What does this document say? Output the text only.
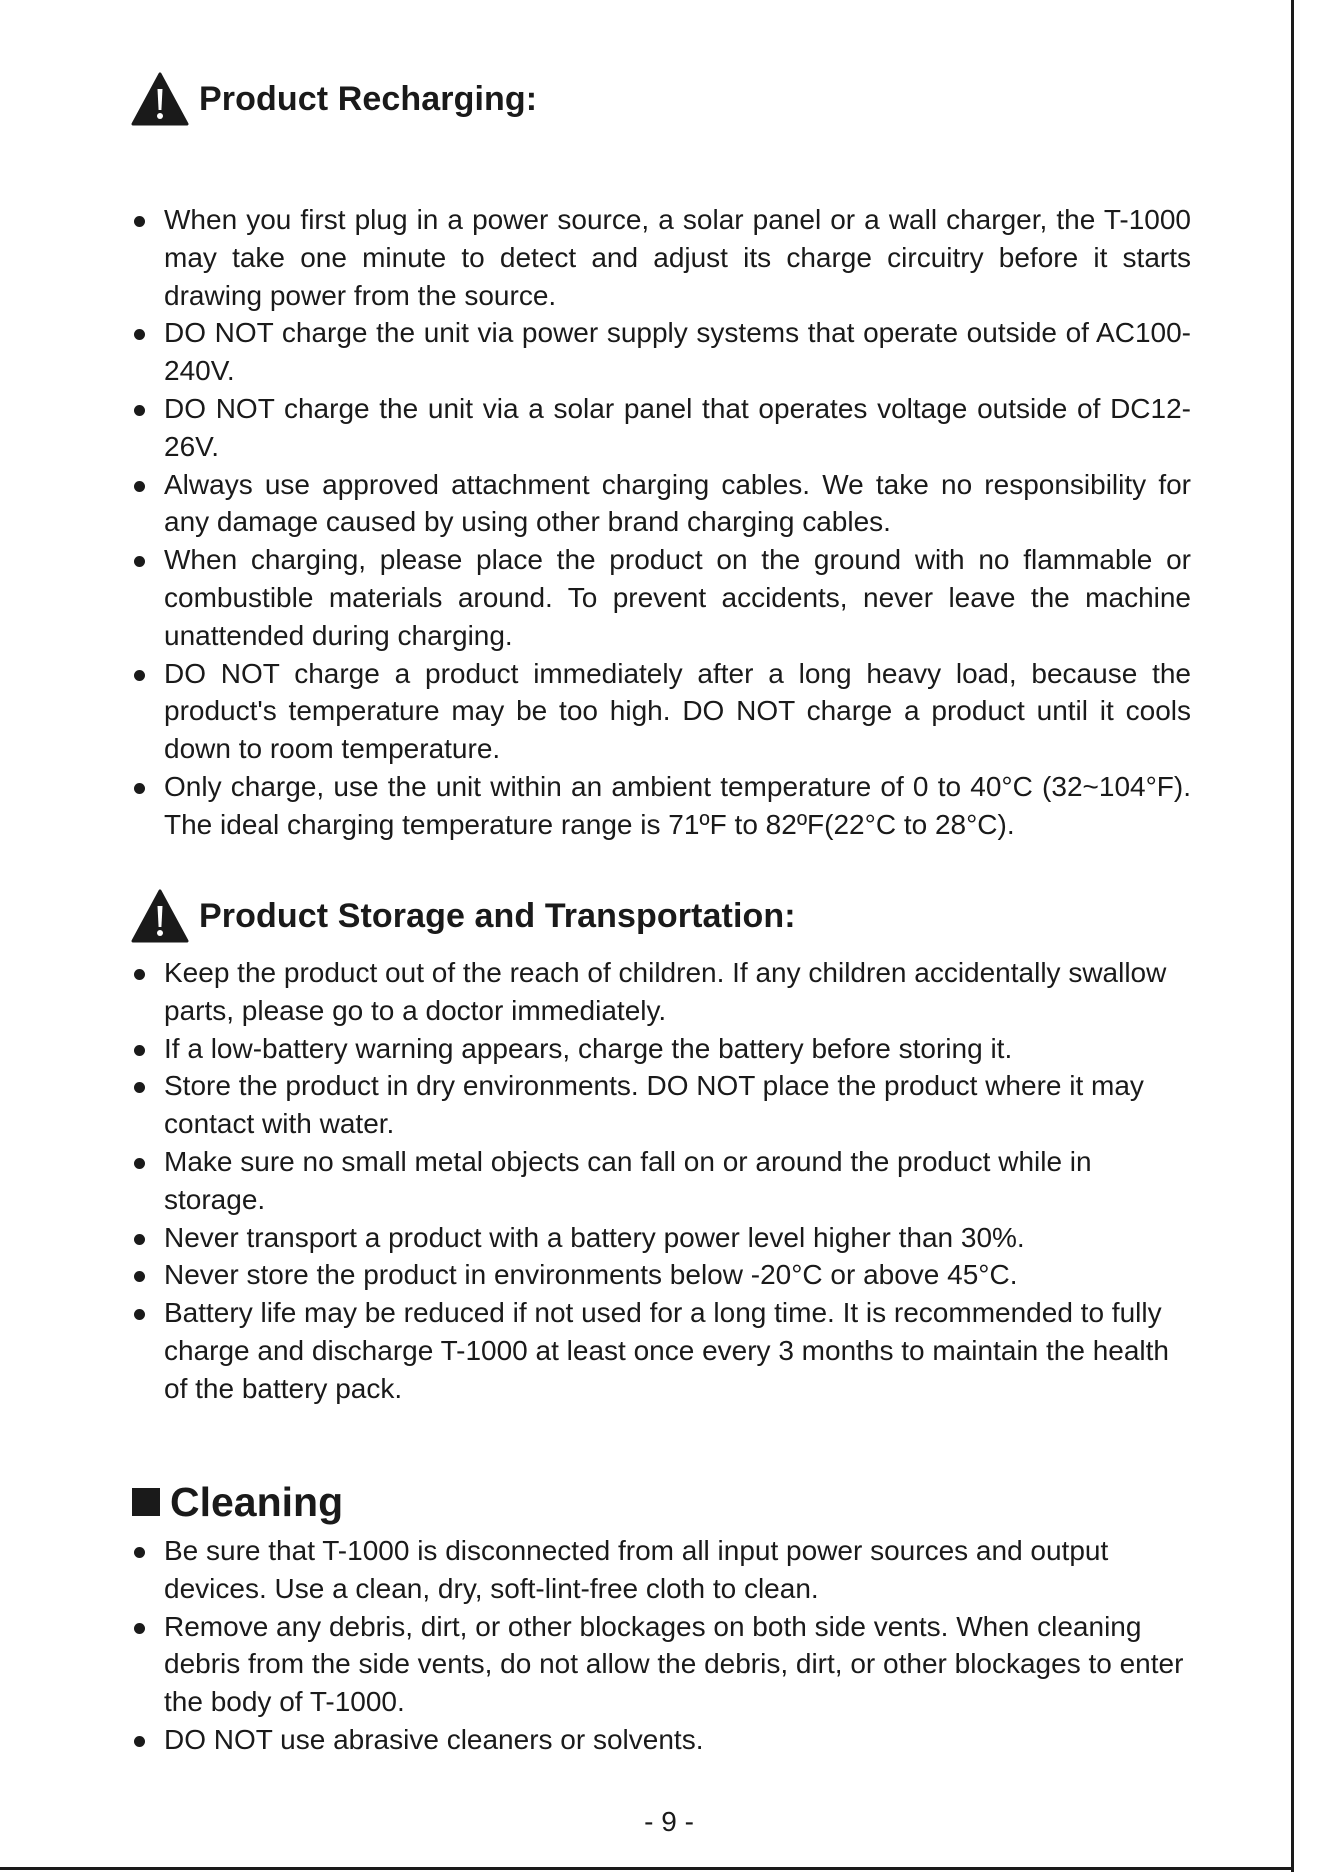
Product Recharging:
When you first plug in a power source, a solar panel or a wall charger, the T-1000 may take one minute to detect and adjust its charge circuitry before it starts drawing power from the source.
DO NOT charge the unit via power supply systems that operate outside of AC100-240V.
DO NOT charge the unit via a solar panel that operates voltage outside of DC12-26V.
Always use approved attachment charging cables. We take no responsibility for any damage caused by using other brand charging cables.
When charging, please place the product on the ground with no flammable or combustible materials around. To prevent accidents, never leave the machine unattended during charging.
DO NOT charge a product immediately after a long heavy load, because the product's temperature may be too high. DO NOT charge a product until it cools down to room temperature.
Only charge, use the unit within an ambient temperature of 0 to 40°C (32~104°F). The ideal charging temperature range is 71ºF to 82ºF(22°C to 28°C).
Product Storage and Transportation:
Keep the product out of the reach of children. If any children accidentally swallow parts, please go to a doctor immediately.
If a low-battery warning appears, charge the battery before storing it.
Store the product in dry environments. DO NOT place the product where it may contact with water.
Make sure no small metal objects can fall on or around the product while in storage.
Never transport a product with a battery power level higher than 30%.
Never store the product in environments below -20°C or above 45°C.
Battery life may be reduced if not used for a long time. It is recommended to fully charge and discharge T-1000 at least once every 3 months to maintain the health of the battery pack.
Cleaning
Be sure that T-1000 is disconnected from all input power sources and output devices. Use a clean, dry, soft-lint-free cloth to clean.
Remove any debris, dirt, or other blockages on both side vents. When cleaning debris from the side vents, do not allow the debris, dirt, or other blockages to enter the body of T-1000.
DO NOT use abrasive cleaners or solvents.
- 9 -
